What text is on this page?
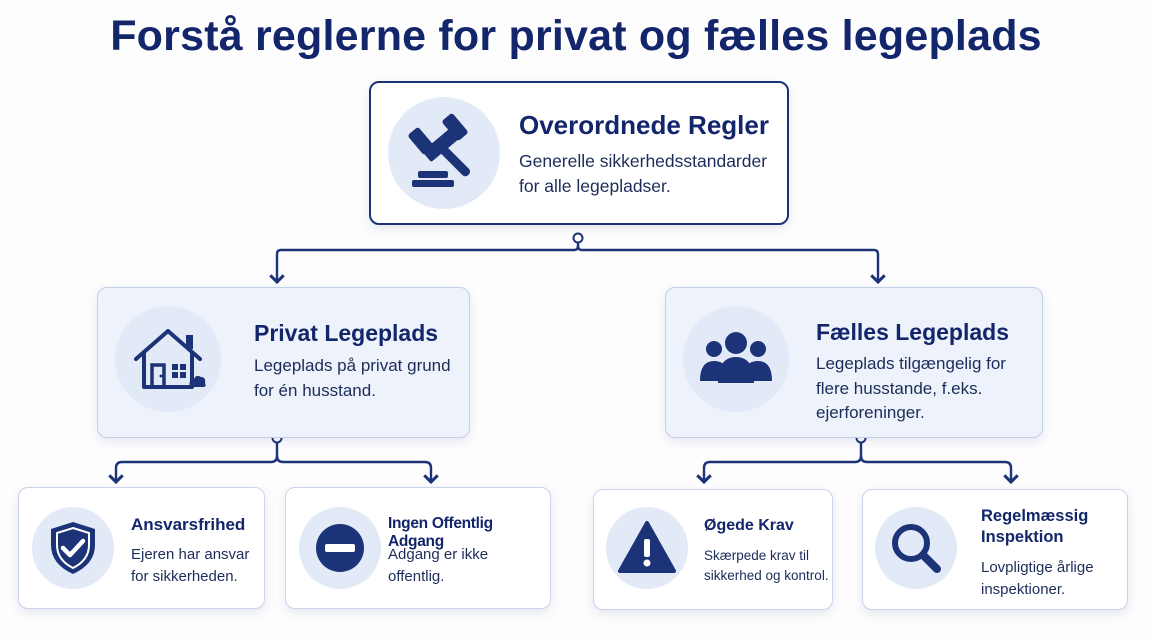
Forstå reglerne for privat og fælles legeplads
Overordnede Regler
Generelle sikkerhedsstandarder for alle legepladser.
Privat Legeplads
Legeplads på privat grund for én husstand.
Fælles Legeplads
Legeplads tilgængelig for flere husstande, f.eks. ejerforeninger.
Ansvarsfrihed
Ejeren har ansvar for sikkerheden.
Ingen Offentlig Adgang
Adgang er ikke offentlig.
Øgede Krav
Skærpede krav til sikkerhed og kontrol.
Regelmæssig Inspektion
Lovpligtige årlige inspektioner.
